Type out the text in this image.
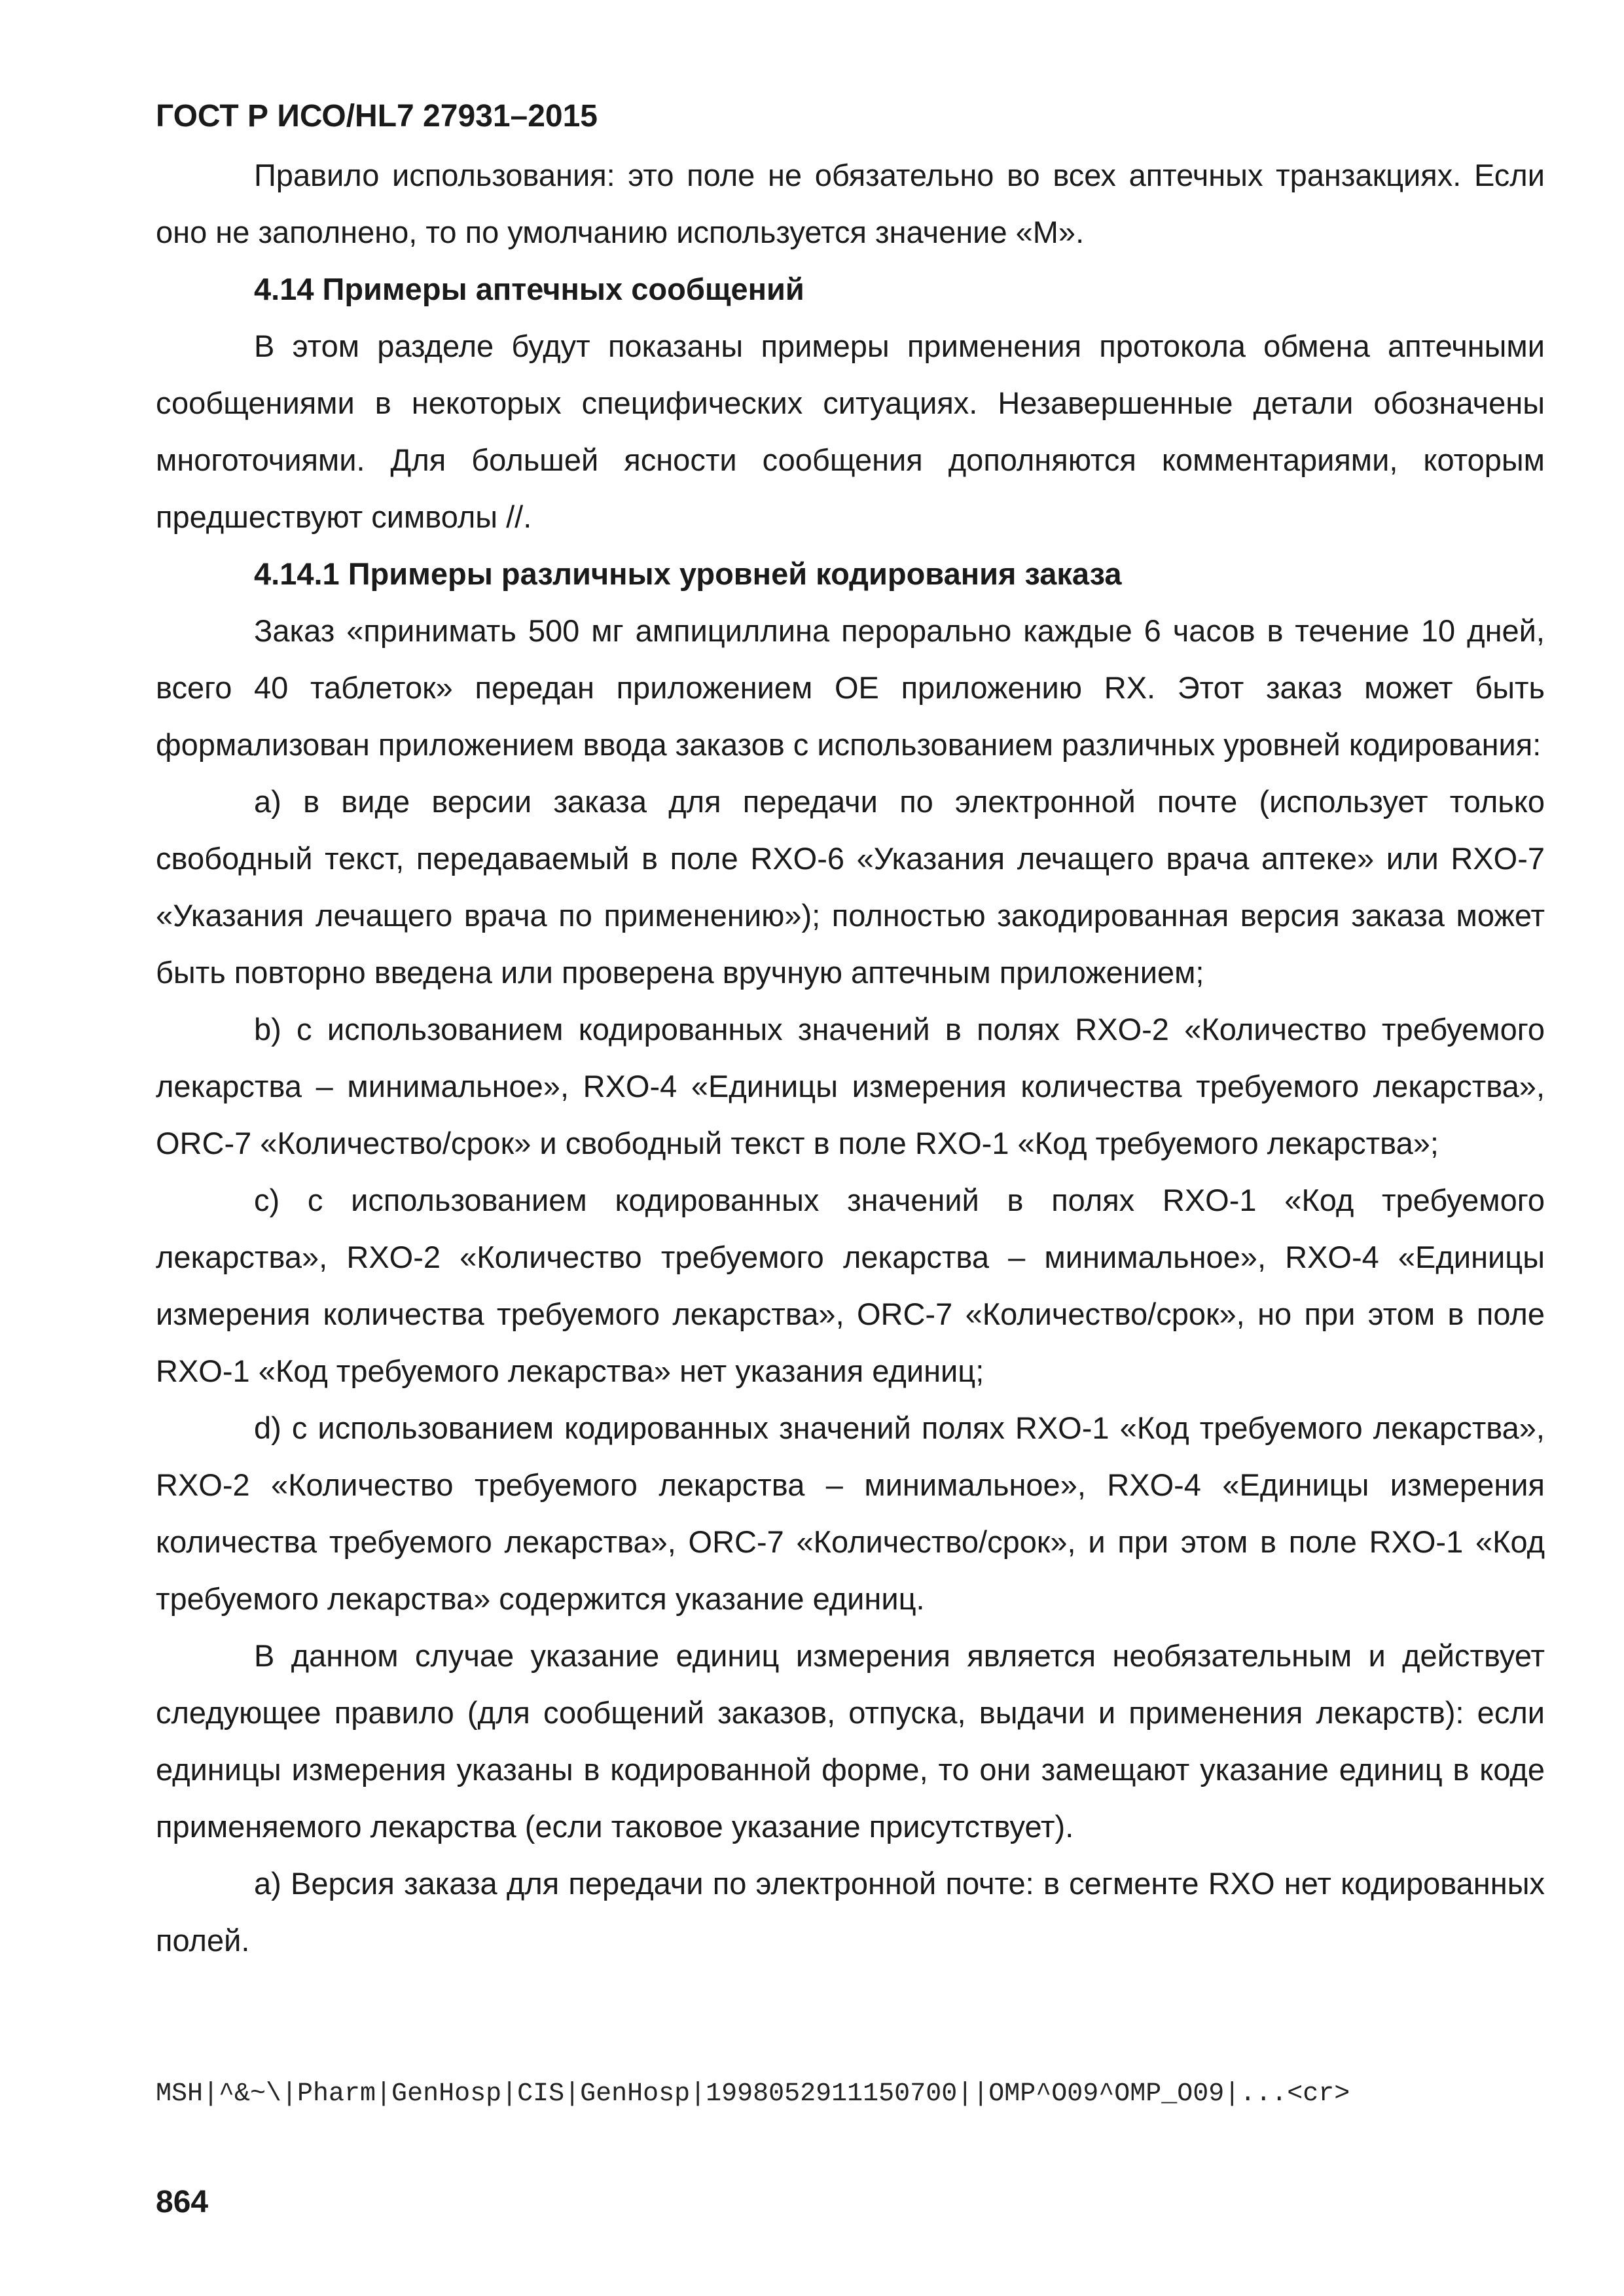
ГОСТ Р ИСО/HL7 27931–2015

Правило использования: это поле не обязательно во всех аптечных транзакциях. Если оно не заполнено, то по умолчанию используется значение «M».

4.14 Примеры аптечных сообщений

В этом разделе будут показаны примеры применения протокола обмена аптечными сообщениями в некоторых специфических ситуациях. Незавершенные детали обозначены многоточиями. Для большей ясности сообщения дополняются комментариями, которым предшествуют символы //.

4.14.1 Примеры различных уровней кодирования заказа

Заказ «принимать 500 мг ампициллина перорально каждые 6 часов в течение 10 дней, всего 40 таблеток» передан приложением ОЕ приложению RX. Этот заказ может быть формализован приложением ввода заказов с использованием различных уровней кодирования:

а) в виде версии заказа для передачи по электронной почте (использует только свободный текст, передаваемый в поле RXO-6 «Указания лечащего врача аптеке» или RXO-7 «Указания лечащего врача по применению»); полностью закодированная версия заказа может быть повторно введена или проверена вручную аптечным приложением;

b) с использованием кодированных значений в полях RXO-2 «Количество требуемого лекарства – минимальное», RXO-4 «Единицы измерения количества требуемого лекарства», ORC-7 «Количество/срок» и свободный текст в поле RXO-1 «Код требуемого лекарства»;

c) с использованием кодированных значений в полях RXO-1 «Код требуемого лекарства», RXO-2 «Количество требуемого лекарства – минимальное», RXO-4 «Единицы измерения количества требуемого лекарства», ORC-7 «Количество/срок», но при этом в поле RXO-1 «Код требуемого лекарства» нет указания единиц;

d) с использованием кодированных значений полях RXO-1 «Код требуемого лекарства», RXO-2 «Количество требуемого лекарства – минимальное», RXO-4 «Единицы измерения количества требуемого лекарства», ORC-7 «Количество/срок», и при этом в поле RXO-1 «Код требуемого лекарства» содержится указание единиц.

В данном случае указание единиц измерения является необязательным и действует следующее правило (для сообщений заказов, отпуска, выдачи и применения лекарств): если единицы измерения указаны в кодированной форме, то они замещают указание единиц в коде применяемого лекарства (если таковое указание присутствует).

а) Версия заказа для передачи по электронной почте: в сегменте RXO нет кодированных полей.

MSH|^&~\|Pharm|GenHosp|CIS|GenHosp|1998052911150700||OMP^O09^OMP_O09|...<cr>
864
